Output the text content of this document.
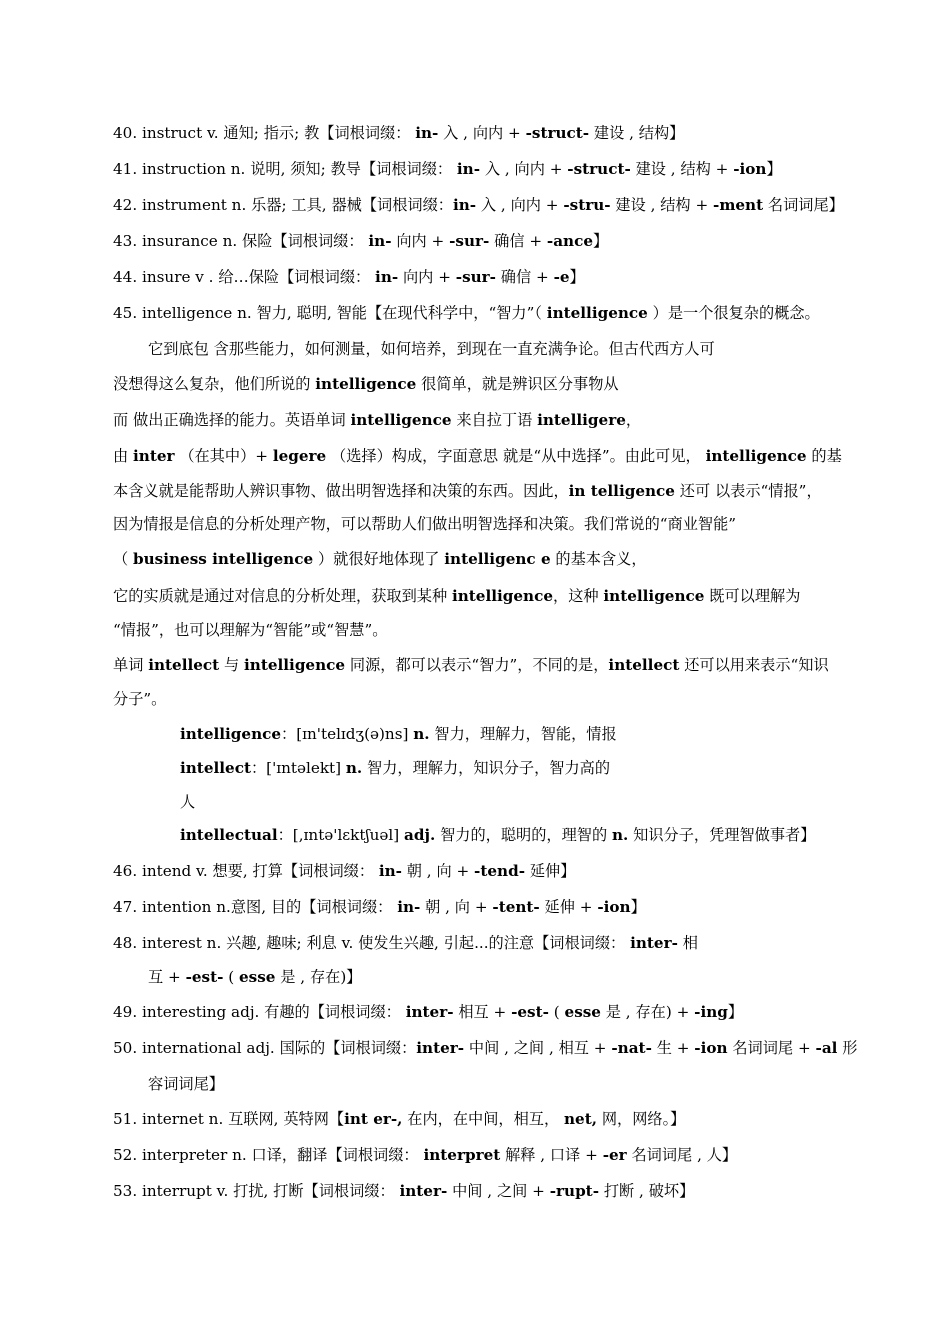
40. instruct v. 通知; 指示; 教【词根词缀： in- 入 , 向内 + -struct- 建设 , 结构】
41. instruction n. 说明, 须知; 教导【词根词缀： in- 入 , 向内 + -struct- 建设 , 结构 + -ion】
42. instrument n. 乐器; 工具, 器械【词根词缀：in- 入 , 向内 + -stru- 建设 , 结构 + -ment 名词词尾】
43. insurance n. 保险【词根词缀： in- 向内 + -sur- 确信 + -ance】
44. insure v . 给…保险【词根词缀： in- 向内 + -sur- 确信 + -e】
45. intelligence n. 智力, 聪明, 智能【在现代科学中，“智力”（ intelligence ）是一个很复杂的概念。
它到底包 含那些能力，如何测量，如何培养，到现在一直充满争论。但古代西方人可
没想得这么复杂，他们所说的 intelligence 很简单，就是辨识区分事物从
而 做出正确选择的能力。英语单词 intelligence 来自拉丁语 intelligere，
由 inter （在其中）+ legere （选择）构成，字面意思 就是“从中选择”。由此可见， intelligence 的基
本含义就是能帮助人辨识事物、做出明智选择和决策的东西。因此，in telligence 还可 以表示“情报”，
因为情报是信息的分析处理产物，可以帮助人们做出明智选择和决策。我们常说的“商业智能”
（ business intelligence ）就很好地体现了 intelligenc e 的基本含义，
它的实质就是通过对信息的分析处理，获取到某种 intelligence，这种 intelligence 既可以理解为
“情报”，也可以理解为“智能”或“智慧”。
单词 intellect 与 intelligence 同源，都可以表示“智力”，不同的是，intellect 还可以用来表示“知识
分子”。
intelligence：[ɪn'telɪdʒ(ə)ns] n. 智力，理解力，智能，情报
intellect：['ɪntəlekt] n. 智力，理解力，知识分子，智力高的
人
intellectual：[,ɪntə'lɛktʃuəl] adj. 智力的，聪明的，理智的 n. 知识分子，凭理智做事者】
46. intend v. 想要, 打算【词根词缀： in- 朝 , 向 + -tend- 延伸】
47. intention n.意图, 目的【词根词缀： in- 朝 , 向 + -tent- 延伸 + -ion】
48. interest n. 兴趣, 趣味; 利息 v. 使发生兴趣, 引起...的注意【词根词缀： inter- 相
互 + -est- ( esse 是 , 存在)】
49. interesting adj. 有趣的【词根词缀： inter- 相互 + -est- ( esse 是 , 存在) + -ing】
50. international adj. 国际的【词根词缀：inter- 中间 , 之间 , 相互 + -nat- 生 + -ion 名词词尾 + -al 形
容词词尾】
51. internet n. 互联网, 英特网【int er-, 在内，在中间，相互， net, 网，网络。】
52. interpreter n. 口译，翻译【词根词缀： interpret 解释 , 口译 + -er 名词词尾 , 人】
53. interrupt v. 打扰, 打断【词根词缀： inter- 中间 , 之间 + -rupt- 打断 , 破坏】
